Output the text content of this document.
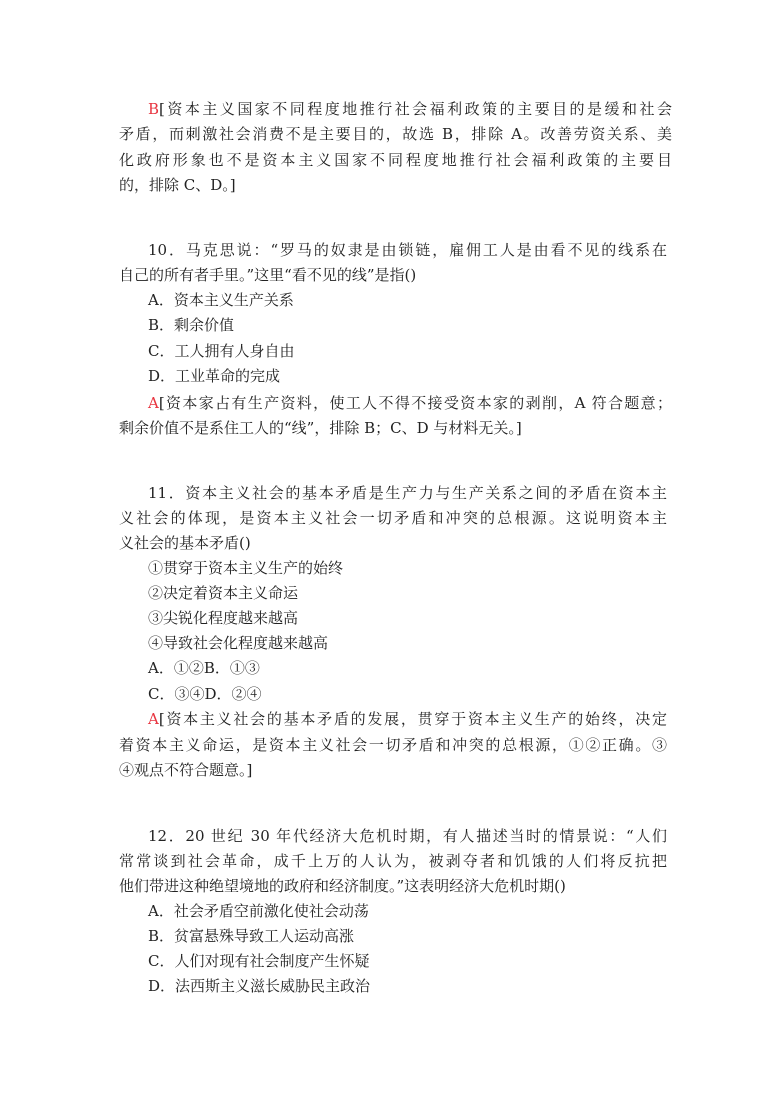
B[资本主义国家不同程度地推行社会福利政策的主要目的是缓和社会
矛盾，而刺激社会消费不是主要目的，故选 B，排除 A。改善劳资关系、美
化政府形象也不是资本主义国家不同程度地推行社会福利政策的主要目
的，排除 C、D。]
10．马克思说：“罗马的奴隶是由锁链，雇佣工人是由看不见的线系在
自己的所有者手里。”这里“看不见的线”是指()
A．资本主义生产关系
B．剩余价值
C．工人拥有人身自由
D．工业革命的完成
A[资本家占有生产资料，使工人不得不接受资本家的剥削，A 符合题意；
剩余价值不是系住工人的“线”，排除 B；C、D 与材料无关。]
11．资本主义社会的基本矛盾是生产力与生产关系之间的矛盾在资本主
义社会的体现，是资本主义社会一切矛盾和冲突的总根源。这说明资本主
义社会的基本矛盾()
①贯穿于资本主义生产的始终
②决定着资本主义命运
③尖锐化程度越来越高
④导致社会化程度越来越高
A．①②B．①③
C．③④D．②④
A[资本主义社会的基本矛盾的发展，贯穿于资本主义生产的始终，决定
着资本主义命运，是资本主义社会一切矛盾和冲突的总根源，①②正确。③
④观点不符合题意。]
12．20 世纪 30 年代经济大危机时期，有人描述当时的情景说：“人们
常常谈到社会革命，成千上万的人认为，被剥夺者和饥饿的人们将反抗把
他们带进这种绝望境地的政府和经济制度。”这表明经济大危机时期()
A．社会矛盾空前激化使社会动荡
B．贫富悬殊导致工人运动高涨
C．人们对现有社会制度产生怀疑
D．法西斯主义滋长威胁民主政治
